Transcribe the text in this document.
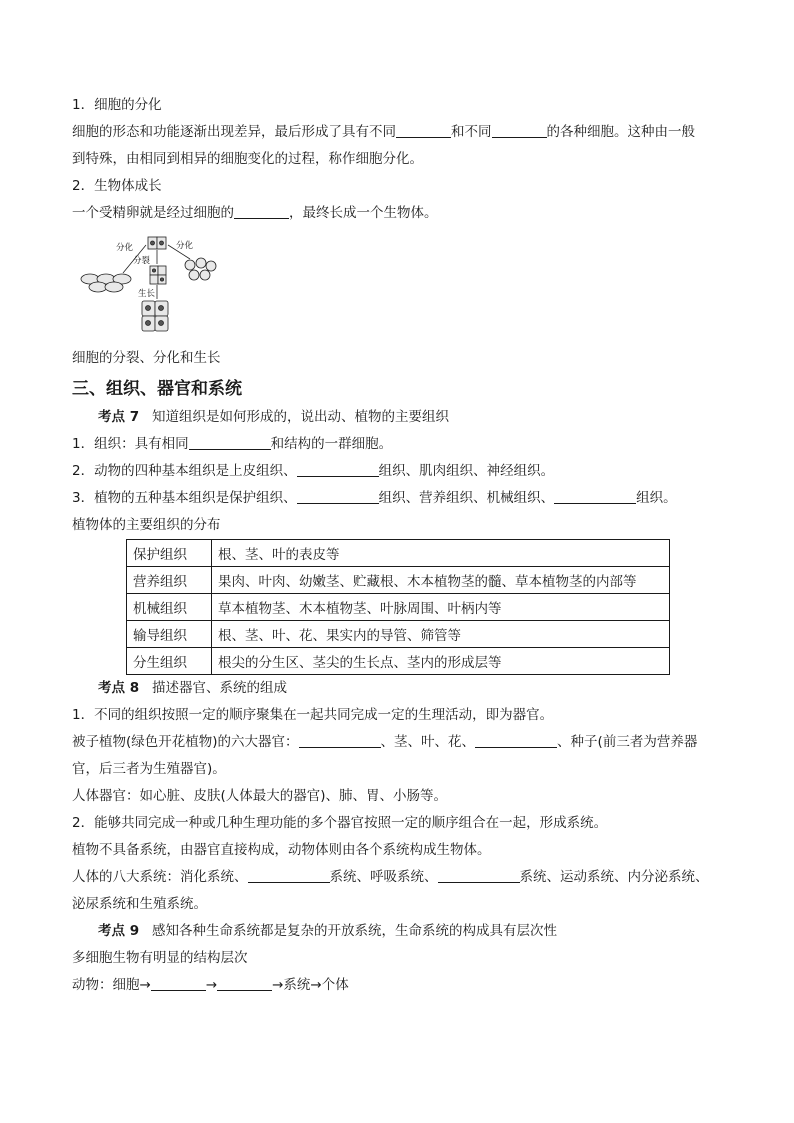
1．细胞的分化
细胞的形态和功能逐渐出现差异，最后形成了具有不同	和不同	的各种细胞。这种由一般
到特殊，由相同到相异的细胞变化的过程，称作细胞分化。
2．生物体成长
一个受精卵就是经过细胞的	，最终长成一个生物体。
分化	分化
分裂
生长
细胞的分裂、分化和生长
三、组织、器官和系统
考点 7 知道组织是如何形成的，说出动、植物的主要组织
1．组织：具有相同	和结构的一群细胞。
2．动物的四种基本组织是上皮组织、	组织、肌肉组织、神经组织。
3．植物的五种基本组织是保护组织、	组织、营养组织、机械组织、	组织。
植物体的主要组织的分布
保护组织	根、茎、叶的表皮等
营养组织	果肉、叶肉、幼嫩茎、贮藏根、木本植物茎的髓、草本植物茎的内部等
机械组织	草本植物茎、木本植物茎、叶脉周围、叶柄内等
输导组织	根、茎、叶、花、果实内的导管、筛管等
分生组织	根尖的分生区、茎尖的生长点、茎内的形成层等
考点 8 描述器官、系统的组成
1．不同的组织按照一定的顺序聚集在一起共同完成一定的生理活动，即为器官。
被子植物(绿色开花植物)的六大器官：	、茎、叶、花、	、种子(前三者为营养器
官，后三者为生殖器官)。
人体器官：如心脏、皮肤(人体最大的器官)、肺、胃、小肠等。
2．能够共同完成一种或几种生理功能的多个器官按照一定的顺序组合在一起，形成系统。
植物不具备系统，由器官直接构成，动物体则由各个系统构成生物体。
人体的八大系统：消化系统、	系统、呼吸系统、	系统、运动系统、内分泌系统、
泌尿系统和生殖系统。
考点 9 感知各种生命系统都是复杂的开放系统，生命系统的构成具有层次性
多细胞生物有明显的结构层次
动物：细胞→	→	→系统→个体
